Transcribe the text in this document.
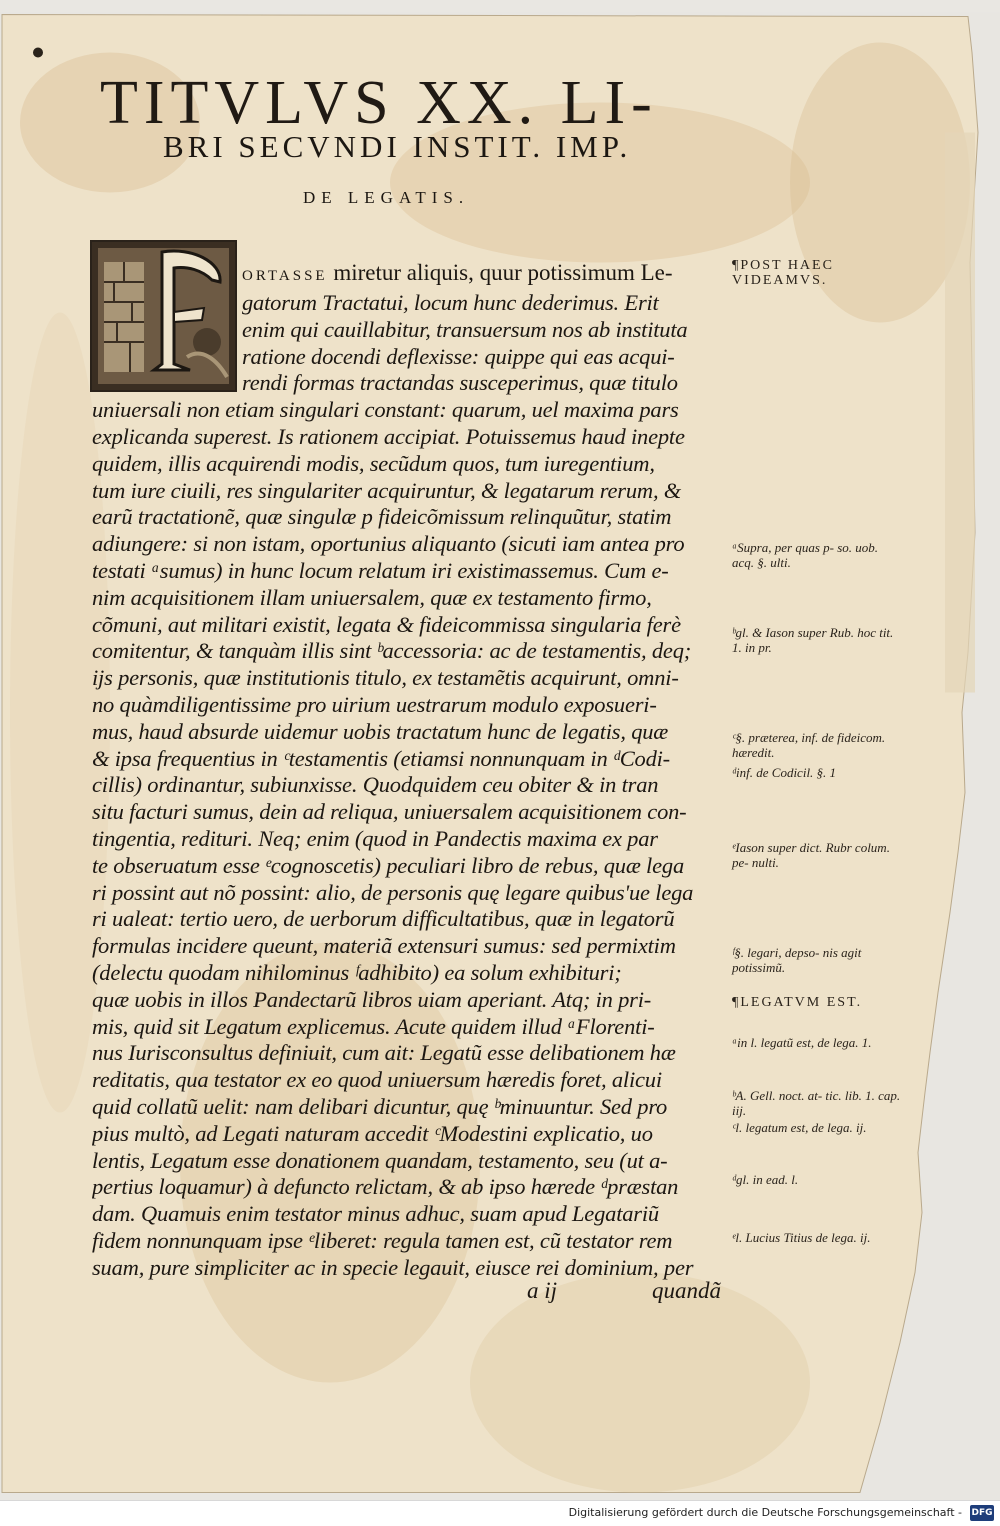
TITVLVS XX. LI-
BRI SECVNDI INSTIT. IMP.
DE LEGATIS.
ORTASSE miretur aliquis, quur potissimum Le-
gatorum Tractatui, locum hunc dederimus. Erit
enim qui cauillabitur, transuersum nos ab instituta
ratione docendi deflexisse: quippe qui eas acqui-
rendi formas tractandas susceperimus, quæ titulo
uniuersali non etiam singulari constant: quarum, uel maxima pars
explicanda superest. Is rationem accipiat. Potuissemus haud inepte
quidem, illis acquirendi modis, secũdum quos, tum iuregentium,
tum iure ciuili, res singulariter acquiruntur, & legatarum rerum, &
earũ tractationẽ, quæ singulæ p fideicõmissum relinquũtur, statim
adiungere: si non istam, oportunius aliquanto (sicuti iam antea pro
testati ᵃsumus) in hunc locum relatum iri existimassemus. Cum e-
nim acquisitionem illam uniuersalem, quæ ex testamento firmo,
cõmuni, aut militari existit, legata & fideicommissa singularia ferè
comitentur, & tanquàm illis sint ᵇaccessoria: ac de testamentis, deq;
ijs personis, quæ institutionis titulo, ex testamẽtis acquirunt, omni-
no quàmdiligentissime pro uirium uestrarum modulo exposueri-
mus, haud absurde uidemur uobis tractatum hunc de legatis, quæ
& ipsa frequentius in ᶜtestamentis (etiamsi nonnunquam in ᵈCodi-
cillis) ordinantur, subiunxisse. Quodquidem ceu obiter & in tran
situ facturi sumus, dein ad reliqua, uniuersalem acquisitionem con-
tingentia, redituri. Neq; enim (quod in Pandectis maxima ex par
te obseruatum esse ᵉcognoscetis) peculiari libro de rebus, quæ lega
ri possint aut nõ possint: alio, de personis quę legare quibus'ue lega
ri ualeat: tertio uero, de uerborum difficultatibus, quæ in legatorũ
formulas incidere queunt, materiã extensuri sumus: sed permixtim
(delectu quodam nihilominus ᶠadhibito) ea solum exhibituri;
quæ uobis in illos Pandectarũ libros uiam aperiant. Atq; in pri-
mis, quid sit Legatum explicemus. Acute quidem illud ᵃFlorenti-
nus Iurisconsultus definiuit, cum ait: Legatũ esse delibationem hæ
reditatis, qua testator ex eo quod uniuersum hæredis foret, alicui
quid collatũ uelit: nam delibari dicuntur, quę ᵇminuuntur. Sed pro
pius multò, ad Legati naturam accedit ᶜModestini explicatio, uo
lentis, Legatum esse donationem quandam, testamento, seu (ut a-
pertius loquamur) à defuncto relictam, & ab ipso hærede ᵈpræstan
dam. Quamuis enim testator minus adhuc, suam apud Legatariũ
fidem nonnunquam ipse ᵉliberet: regula tamen est, cũ testator rem
suam, pure simpliciter ac in specie legauit, eiusce rei dominium, per
a ij	quandã
¶POST HAEC VIDEAMVS.
ᵃSupra, per quas p- so. uob. acq. §. ulti.
ᵇgl. & Iason super Rub. hoc tit. 1. in pr.
ᶜ§. præterea, inf. de fideicom. hæredit.
ᵈinf. de Codicil. §. 1
ᵉIason super dict. Rubr colum. pe- nulti.
ᶠ§. legari, depso- nis agit potissimũ.
¶LEGATVM EST.
ᵃin l. legatũ est, de lega. 1.
ᵇA. Gell. noct. at- tic. lib. 1. cap. iij.
ᶜl. legatum est, de lega. ij.
ᵈgl. in ead. l.
ᵉl. Lucius Titius de lega. ij.
Digitalisierung gefördert durch die Deutsche Forschungsgemeinschaft - DFG
